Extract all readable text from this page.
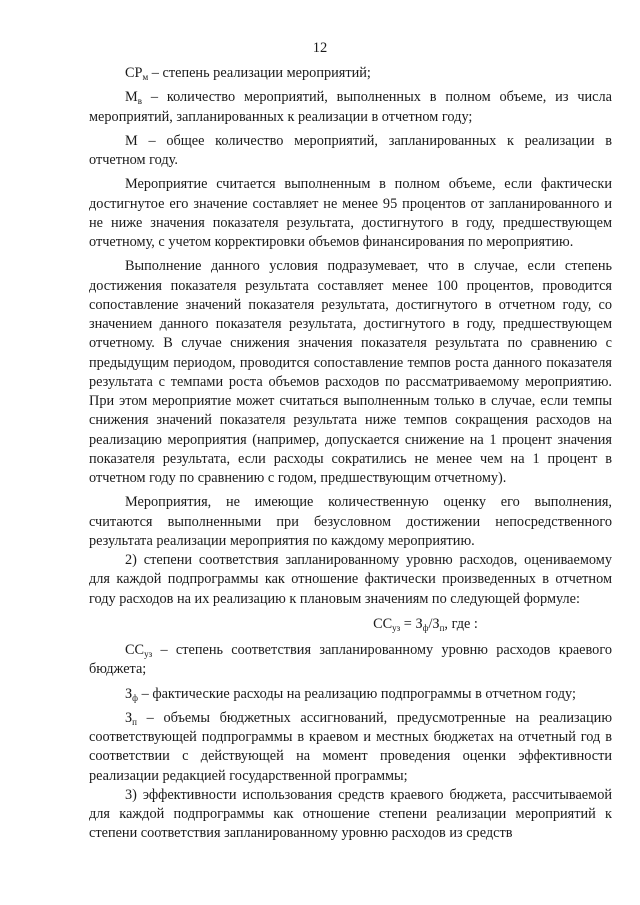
12

$СР_м$ – степень реализации мероприятий;

$М_в$ – количество мероприятий, выполненных в полном объеме, из числа мероприятий, запланированных к реализации в отчетном году;

М – общее количество мероприятий, запланированных к реализации в отчетном году.

Мероприятие считается выполненным в полном объеме, если фактически достигнутое его значение составляет не менее 95 процентов от запланированного и не ниже значения показателя результата, достигнутого в году, предшествующем отчетному, с учетом корректировки объемов финансирования по мероприятию.

Выполнение данного условия подразумевает, что в случае, если степень достижения показателя результата составляет менее 100 процентов, проводится сопоставление значений показателя результата, достигнутого в отчетном году, со значением данного показателя результата, достигнутого в году, предшествующем отчетному. В случае снижения значения показателя результата по сравнению с предыдущим периодом, проводится сопоставление темпов роста данного показателя результата с темпами роста объемов расходов по рассматриваемому мероприятию. При этом мероприятие может считаться выполненным только в случае, если темпы снижения значений показателя результата ниже темпов сокращения расходов на реализацию мероприятия (например, допускается снижение на 1 процент значения показателя результата, если расходы сократились не менее чем на 1 процент в отчетном году по сравнению с годом, предшествующим отчетному).

Мероприятия, не имеющие количественную оценку его выполнения, считаются выполненными при безусловном достижении непосредственного результата реализации мероприятия по каждому мероприятию.

2) степени соответствия запланированному уровню расходов, оцениваемому для каждой подпрограммы как отношение фактически произведенных в отчетном году расходов на их реализацию к плановым значениям по следующей формуле:

$СС_{уз} = З_ф/З_п$, где :

$СС_{уз}$ – степень соответствия запланированному уровню расходов краевого бюджета;

$З_ф$ – фактические расходы на реализацию подпрограммы в отчетном году;

$З_п$ – объемы бюджетных ассигнований, предусмотренные на реализацию соответствующей подпрограммы в краевом и местных бюджетах на отчетный год в соответствии с действующей на момент проведения оценки эффективности реализации редакцией государственной программы;

3) эффективности использования средств краевого бюджета, рассчитываемой для каждой подпрограммы как отношение степени реализации мероприятий к степени соответствия запланированному уровню расходов из средств
